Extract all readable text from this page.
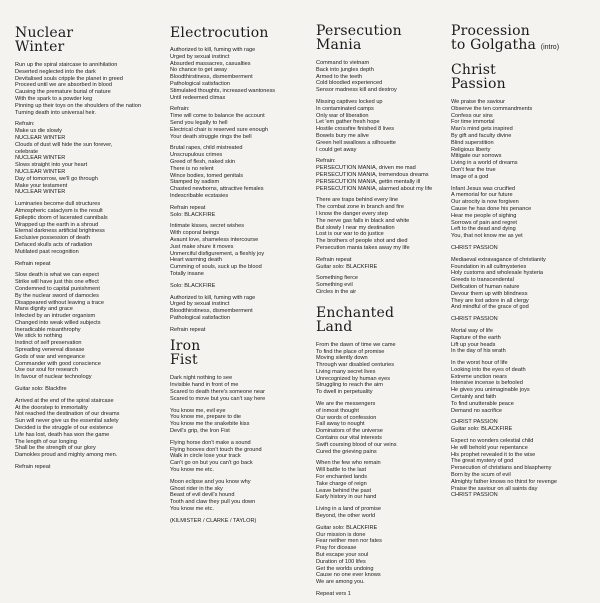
Nuclear
Winter
Run up the spiral staircase to annihilation
Deserted neglected into the dark
Devitalised souls cripple the planet in greed
Proceed until we are absorbed in blood
Causing the premature burial of nature
With the spark to a powder keg
Pinning up their toys on the shoulders of the nation
Turning death into universal heir.
Refrain:
Make us die slowly
NUCLEAR WINTER
Clouds of dust will hide the sun forever,
celebrate
NUCLEAR WINTER
Slows straight into your heart
NUCLEAR WINTER
Day of tomorrow, we'll go through
Make your testament
NUCLEAR WINTER
Luminaries become dull structures
Atmospheric cataclysm is the result
Epileptic doom of lacerated cannibals
Wrapped up the earth in a shroud
Eternal darkness artificial brightness
Exclusive possession of death
Defaced skulls acts of radiation
Mutilated past recognition
Refrain repeat
Slow death is what we can expect
Strike will have just this one effect
Condemned to capital punishment
By the nuclear sword of damocles
Disappeared without leaving a trace
Mans dignity and grace
Infected by an intruder organism
Changed into weak willed subjects
Ineradicable misanthrophy
We stick to nothing
Instinct of self preservation
Spreading venereal disease
Gods of war and vengeance
Commander with good conscience
Use our soul for research
In favour of nuclear technology
Guitar solo: Blackfire
Arrived at the end of the spiral staircase
At the doorstep to immortality
Not reached the destination of our dreams
Sun will never give us the essential safety
Decided is the struggle of our existence
Life has lost, death has won the game
The length of our longing
Shall be the strength of our glory
Damokles proud and mighty among men.
Refrain repeat
Electrocution
Authorized to kill, fuming with rage
Urged by sexual instinct
Absurded massacres, casualties
No chance to get away
Bloodthirstiness, dismemberment
Pathological satisfaction
Stimulated thoughts, increased wantoness
Until redeemed climax
Refrain:
Time will come to balance the account
Send you legally to hell
Electrical chair is reserved sure enough
Your death struggle rings the bell
Brutal rapes, child mistreated
Unscrupulous crimes
Greed of flesh, naked skin
There is no relent
Wince bodies, tomed genitals
Stamped by sadism
Chasted newborns, attractive females
Indescribable ecstasies
Refrain repeat
Solo: BLACKFIRE
Intimate kisses, secret wishes
With coporal beings
Avaunt love, shameless intercourse
Just make shure it moves
Unmerciful disfigurement, a fleshly joy
Heart warming death
Cumming of souls, suck up the blood
Totally insane
Solo: BLACKFIRE
Authorized to kill, fuming with rage
Urged by sexual instinct
Bloodthirstiness, dismemberment
Pathological satisfaction
Refrain repeat
Iron
Fist
Dark night nothing to see
Invisible hand in front of me
Scared to death there's someone near
Scared to move but you can't say here
You know me, evil eye
You know me, prepare to die
You know me the snakebite kiss
Devil's grip, the Iron Fist
Flying horse don't make a sound
Flying hooves don't touch the ground
Walk in circle lose your track
Can't go on but you can't go back
You know me etc.
Moon eclipse and you know why
Ghost rider in the sky
Beast of evil devil's hound
Tooth and claw they pull you down
You know me etc.
(KILMISTER / CLARKE / TAYLOR)
Persecution
Mania
Command to vietnam
Back into jungles depth
Armed to the teeth
Cold bloodied experienced
Sensor madness kill and destroy
Missing captives locked up
In contaminated camps
Only war of liberation
Let 'em gather fresh hope
Hostile crossfire finished 8 lives
Bowels bury me alive
Green hell swallows a silhouette
I could get away
Refrain:
PERSECUTION MANIA, driven me mad
PERSECUTION MANIA, tremendous dreams
PERSECUTION MANIA, gettin mentally ill
PERSECUTION MANIA, alarmed about my life
There are traps behind every line
The combat zone in branch and fire
I know the danger every step
The nerve gas falls in black and white
But slowly I near my destination
Lost is our war to do justice
The brothers of people shot and died
Persecution mania takes away my life
Refrain repeat
Guitar solo: BLACKFIRE
Something fierce
Something evil
Circles in the air
Enchanted
Land
From the dawn of time we came
To find the place of promise
Moving silently down
Through war disabled centuries
Living many secret lives
Unrecognized by human eyes
Struggling to reach the aim
To dwell in perpetuality
We are the messengers
of inmost thought
Our words of confession
Fall away to nought
Dominators of the universe
Contains our vital interests
Swift coursing blood of our veins
Cured the grieving pains
When the few who remain
Will battle to the last
For enchanted lands
Take charge of reign
Leave behind the past
Early history in our hand
Living in a land of promise
Beyond, the other world
Guitar solo: BLACKFIRE
Our mission is done
Fear neither men nor fates
Pray for dicease
But escape your soul
Duration of 100 lifes
Get the worlds undoing
Cause no one ever knows
We are among you.
Repeat vers 1
Procession
to Golgatha (intro)
Christ
Passion
We praise the saviour
Observe the ten commandments
Confess our sins
For time immortal
Man's mind gets inspired
By gift and faculty divine
Blind superstition
Religious liberty
Mitigate our sorrows
Living in a world of dreams
Don't fear the true
Image of a god
Infant Jesus was crucified
A memorial for our future
Our atrocity is now forgiven
Cause he has done his penance
Hear me people of sighing
Sorrows of pain and regret
Left to the dead and dying
You, that not know me as yet
CHRIST PASSION
Mediaeval extravagance of christianity
Foundation in all cultmysteries
Holy customs and wholesale hysteria
Greeds to transcendental
Deification of human nature
Devour them up with blindness
They are lost adore in all clergy
And mindful of the grace of god
CHRIST PASSION
Mortal way of life
Rapture of the earth
Lift up your heads
In the day of his wrath
In the worst hour of life
Looking into the eyes of death
Extreme unction nears
Intensive incense is befooled
He gives you unimaginable joys
Certainly and faith
To find unutterable peace
Demand no sacrifice
CHRIST PASSION
Guitar solo: BLACKFIRE
Expect no wonders celestial child
He will behold your repentance
His prophet revealed it to the wise
The great mystery of god
Persecution of christians and blasphemy
Born by the scum of evil
Almighty father knows no thirst for revenge
Praise the saviour on all saints day
CHRIST PASSION
